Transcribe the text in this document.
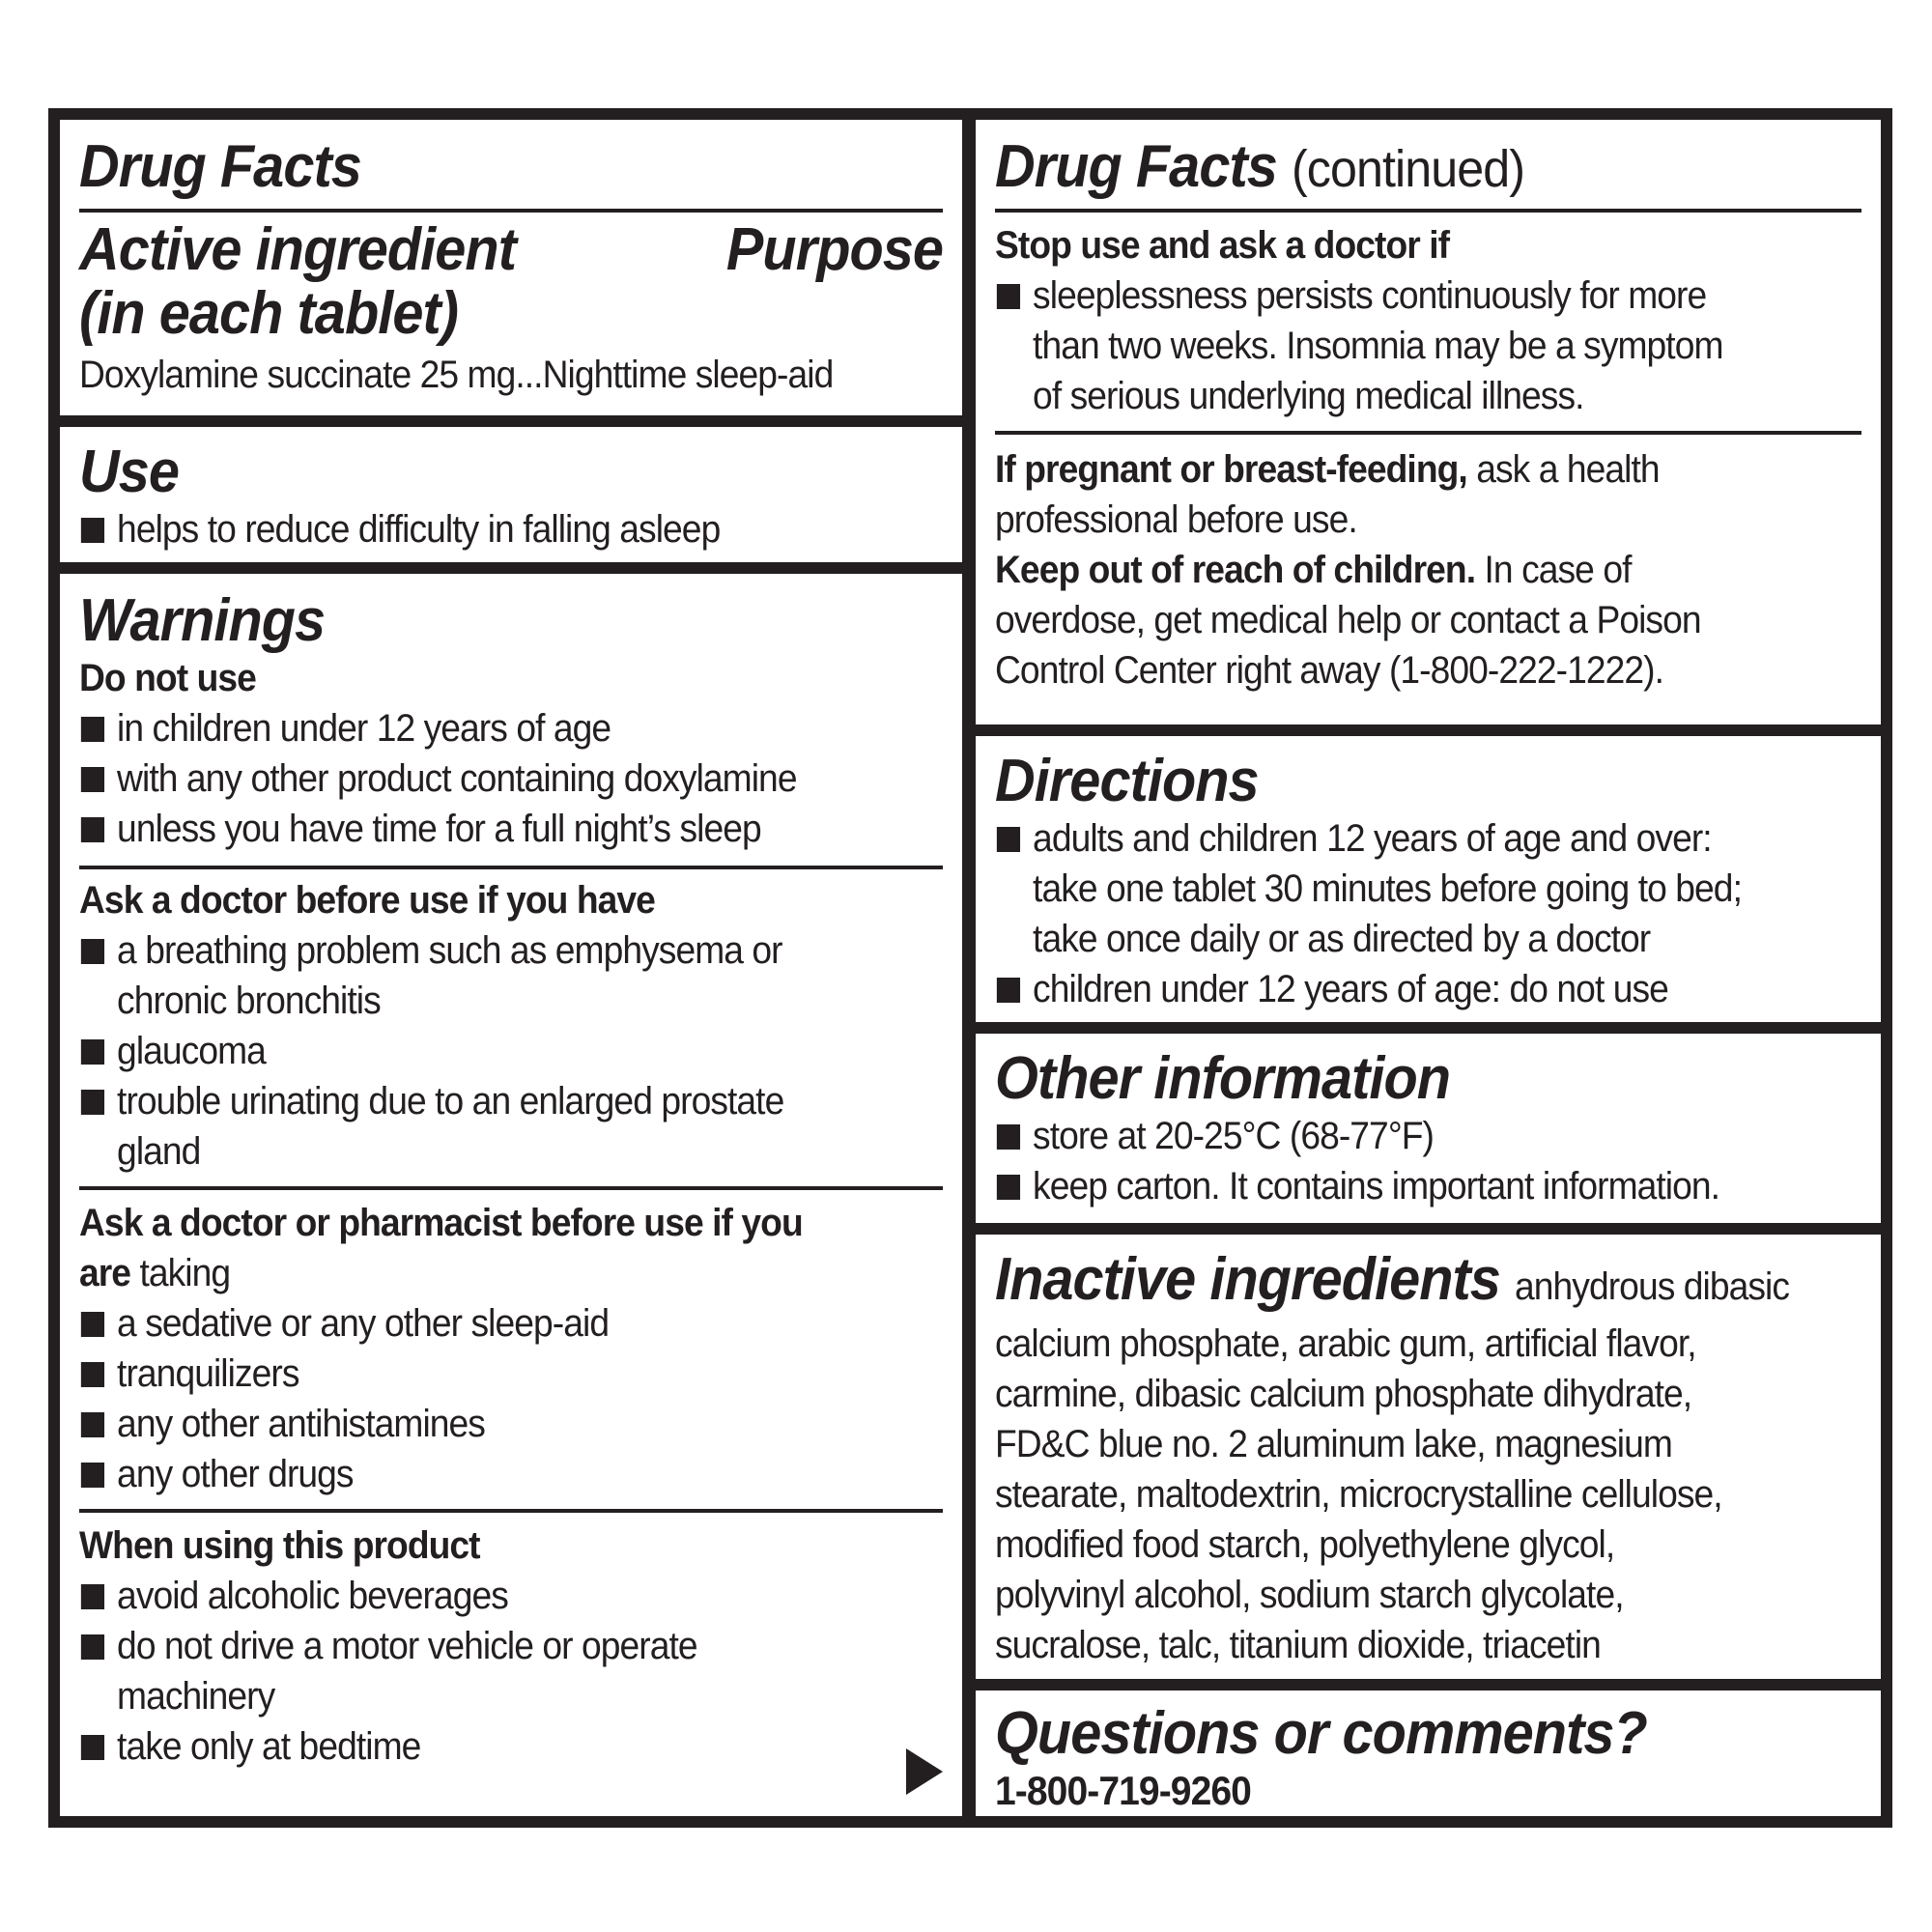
Drug Facts
Active ingredient	Purpose
(in each tablet)
Doxylamine succinate 25 mg...Nighttime sleep-aid
Use
helps to reduce difficulty in falling asleep
Warnings
Do not use
in children under 12 years of age
with any other product containing doxylamine
unless you have time for a full night’s sleep
Ask a doctor before use if you have
a breathing problem such as emphysema or
chronic bronchitis
glaucoma
trouble urinating due to an enlarged prostate
gland
Ask a doctor or pharmacist before use if you
are taking
a sedative or any other sleep-aid
tranquilizers
any other antihistamines
any other drugs
When using this product
avoid alcoholic beverages
do not drive a motor vehicle or operate
machinery
take only at bedtime
Drug Facts (continued)
Stop use and ask a doctor if
sleeplessness persists continuously for more
than two weeks. Insomnia may be a symptom
of serious underlying medical illness.
If pregnant or breast-feeding, ask a health
professional before use.
Keep out of reach of children. In case of
overdose, get medical help or contact a Poison
Control Center right away (1-800-222-1222).
Directions
adults and children 12 years of age and over:
take one tablet 30 minutes before going to bed;
take once daily or as directed by a doctor
children under 12 years of age: do not use
Other information
store at 20-25°C (68-77°F)
keep carton. It contains important information.
Inactive ingredients anhydrous dibasic
calcium phosphate, arabic gum, artificial flavor,
carmine, dibasic calcium phosphate dihydrate,
FD&C blue no. 2 aluminum lake, magnesium
stearate, maltodextrin, microcrystalline cellulose,
modified food starch, polyethylene glycol,
polyvinyl alcohol, sodium starch glycolate,
sucralose, talc, titanium dioxide, triacetin
Questions or comments?
1-800-719-9260
